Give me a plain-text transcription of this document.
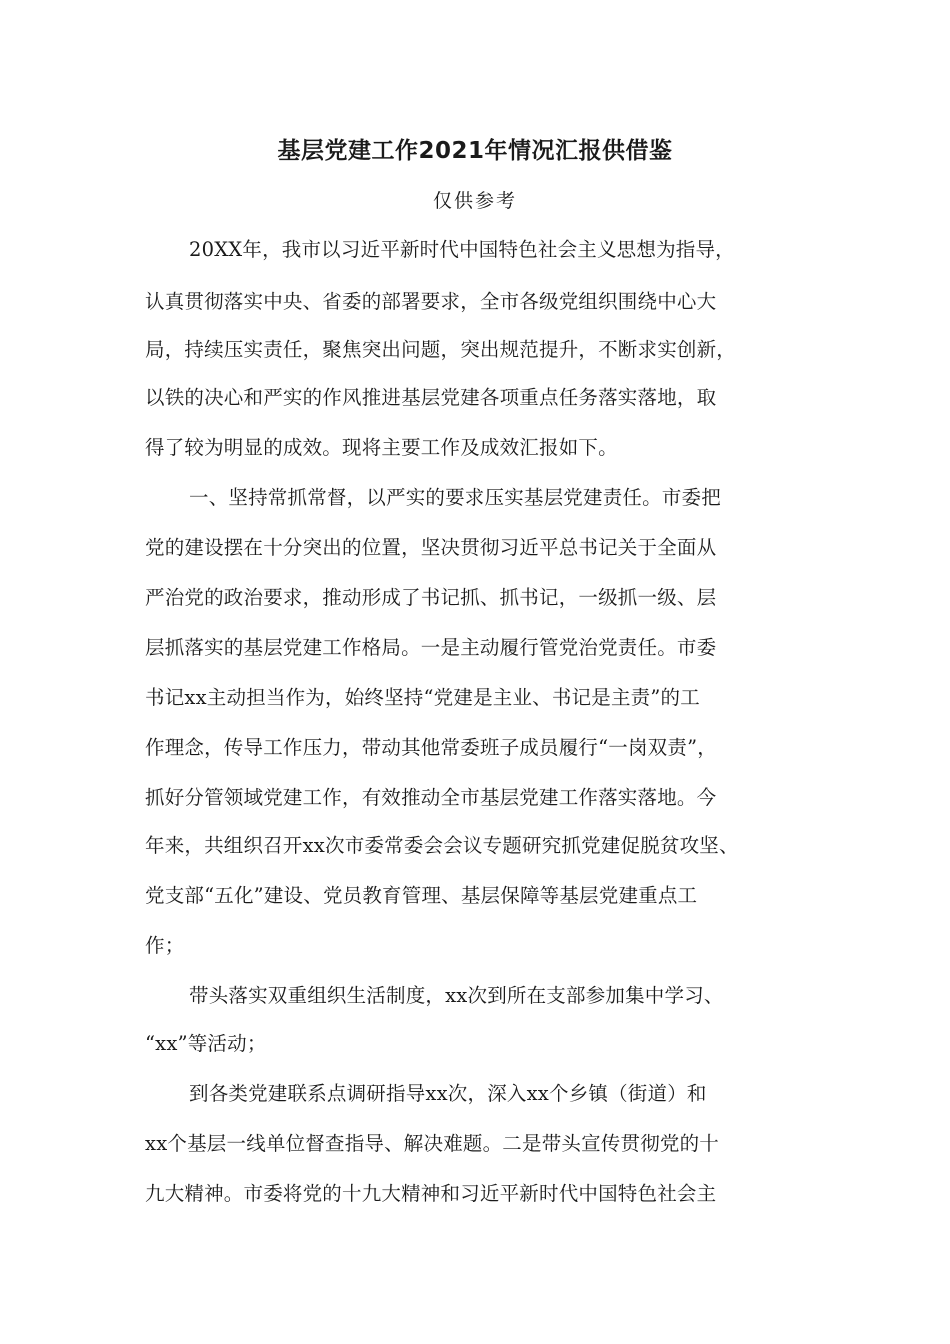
基层党建工作2021年情况汇报供借鉴
仅供参考
20XX年，我市以习近平新时代中国特色社会主义思想为指导，
认真贯彻落实中央、省委的部署要求，全市各级党组织围绕中心大
局，持续压实责任，聚焦突出问题，突出规范提升，不断求实创新，
以铁的决心和严实的作风推进基层党建各项重点任务落实落地，取
得了较为明显的成效。现将主要工作及成效汇报如下。
一、坚持常抓常督，以严实的要求压实基层党建责任。市委把
党的建设摆在十分突出的位置，坚决贯彻习近平总书记关于全面从
严治党的政治要求，推动形成了书记抓、抓书记，一级抓一级、层
层抓落实的基层党建工作格局。一是主动履行管党治党责任。市委
书记xx主动担当作为，始终坚持“党建是主业、书记是主责”的工
作理念，传导工作压力，带动其他常委班子成员履行“一岗双责”，
抓好分管领域党建工作，有效推动全市基层党建工作落实落地。今
年来，共组织召开xx次市委常委会会议专题研究抓党建促脱贫攻坚、
党支部“五化”建设、党员教育管理、基层保障等基层党建重点工
作；
带头落实双重组织生活制度，xx次到所在支部参加集中学习、
“xx”等活动；
到各类党建联系点调研指导xx次，深入xx个乡镇（街道）和
xx个基层一线单位督查指导、解决难题。二是带头宣传贯彻党的十
九大精神。市委将党的十九大精神和习近平新时代中国特色社会主
